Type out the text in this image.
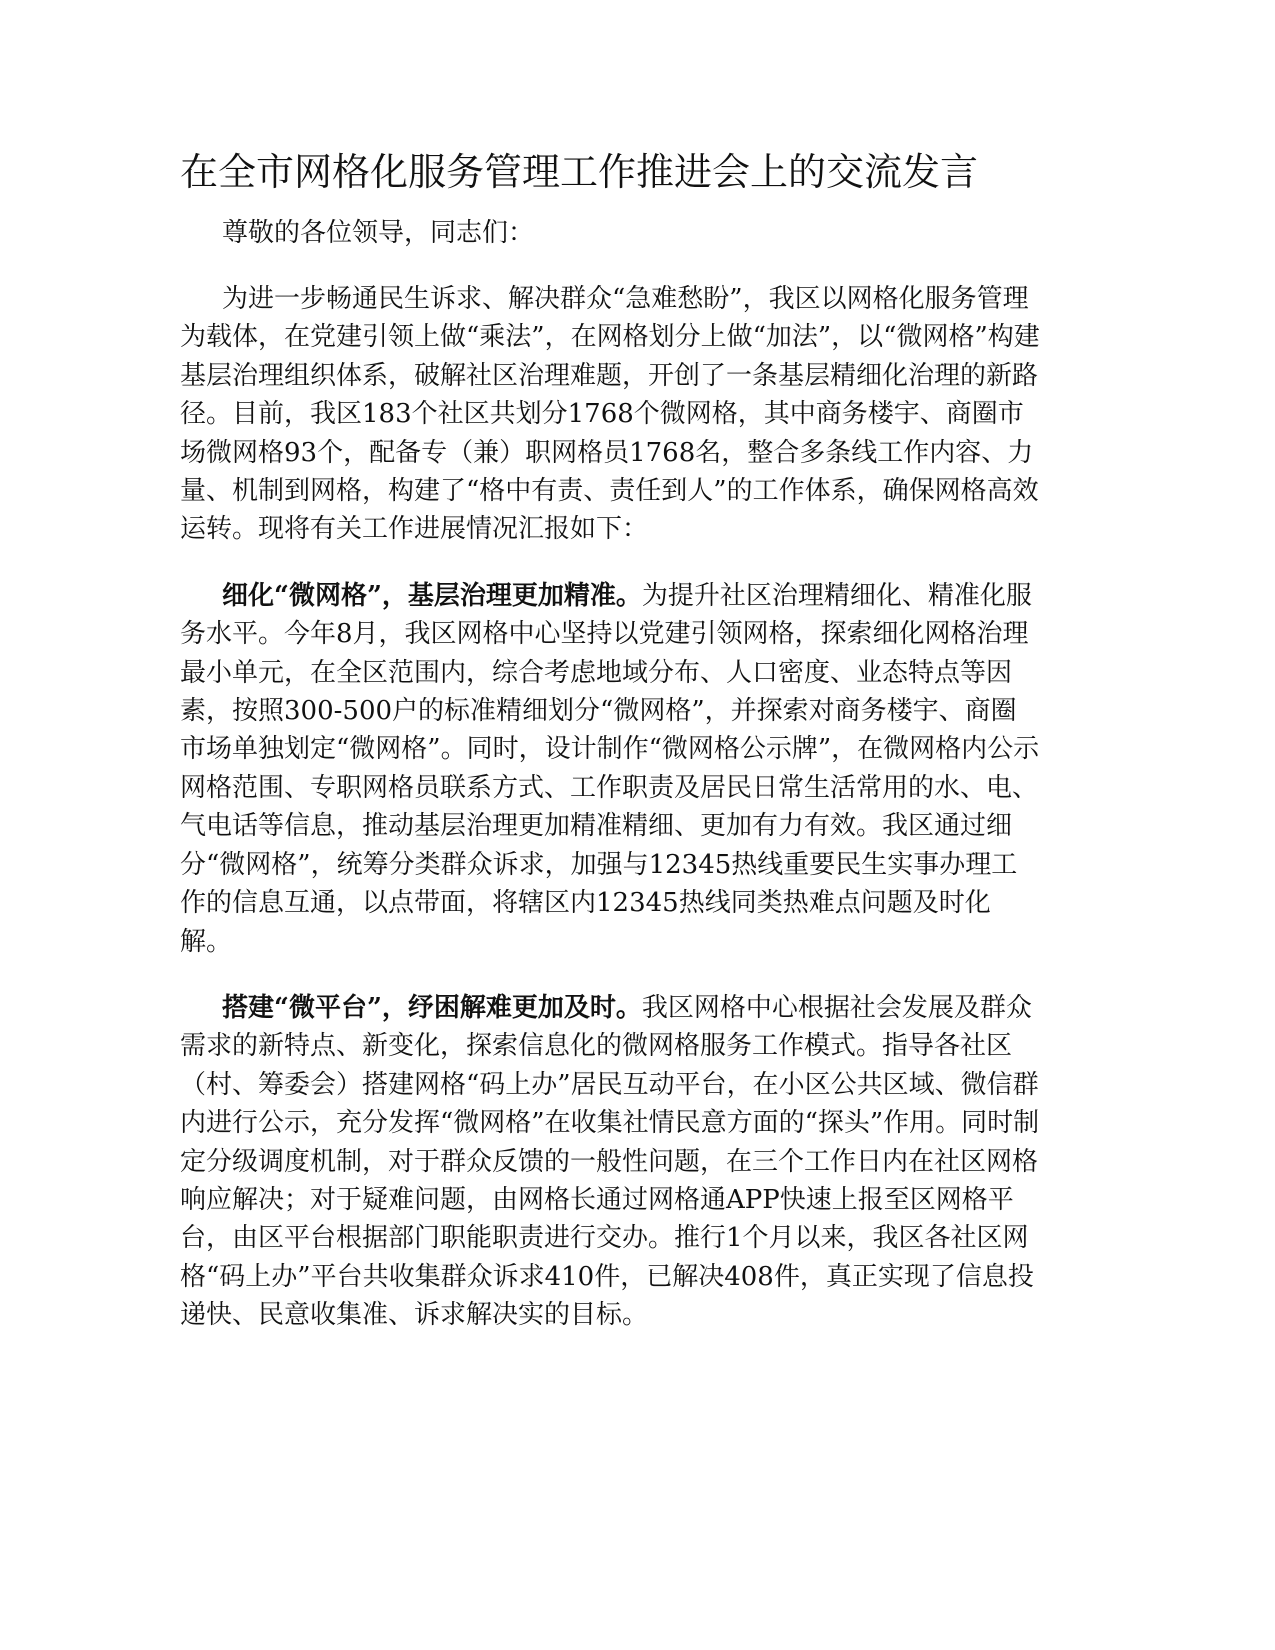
在全市网格化服务管理工作推进会上的交流发言

尊敬的各位领导，同志们：

为进一步畅通民生诉求、解决群众“急难愁盼”，我区以网格化服务管理为载体，在党建引领上做“乘法”，在网格划分上做“加法”，以“微网格”构建基层治理组织体系，破解社区治理难题，开创了一条基层精细化治理的新路径。目前，我区183个社区共划分1768个微网格，其中商务楼宇、商圈市场微网格93个，配备专（兼）职网格员1768名，整合多条线工作内容、力量、机制到网格，构建了“格中有责、责任到人”的工作体系，确保网格高效运转。现将有关工作进展情况汇报如下：

细化“微网格”，基层治理更加精准。为提升社区治理精细化、精准化服务水平。今年8月，我区网格中心坚持以党建引领网格，探索细化网格治理最小单元，在全区范围内，综合考虑地域分布、人口密度、业态特点等因素，按照300-500户的标准精细划分“微网格”，并探索对商务楼宇、商圈市场单独划定“微网格”。同时，设计制作“微网格公示牌”，在微网格内公示网格范围、专职网格员联系方式、工作职责及居民日常生活常用的水、电、气电话等信息，推动基层治理更加精准精细、更加有力有效。我区通过细分“微网格”，统筹分类群众诉求，加强与12345热线重要民生实事办理工作的信息互通，以点带面，将辖区内12345热线同类热难点问题及时化解。

搭建“微平台”，纾困解难更加及时。我区网格中心根据社会发展及群众需求的新特点、新变化，探索信息化的微网格服务工作模式。指导各社区（村、筹委会）搭建网格“码上办”居民互动平台，在小区公共区域、微信群内进行公示，充分发挥“微网格”在收集社情民意方面的“探头”作用。同时制定分级调度机制，对于群众反馈的一般性问题，在三个工作日内在社区网格响应解决；对于疑难问题，由网格长通过网格通APP快速上报至区网格平台，由区平台根据部门职能职责进行交办。推行1个月以来，我区各社区网格“码上办”平台共收集群众诉求410件，已解决408件，真正实现了信息投递快、民意收集准、诉求解决实的目标。
